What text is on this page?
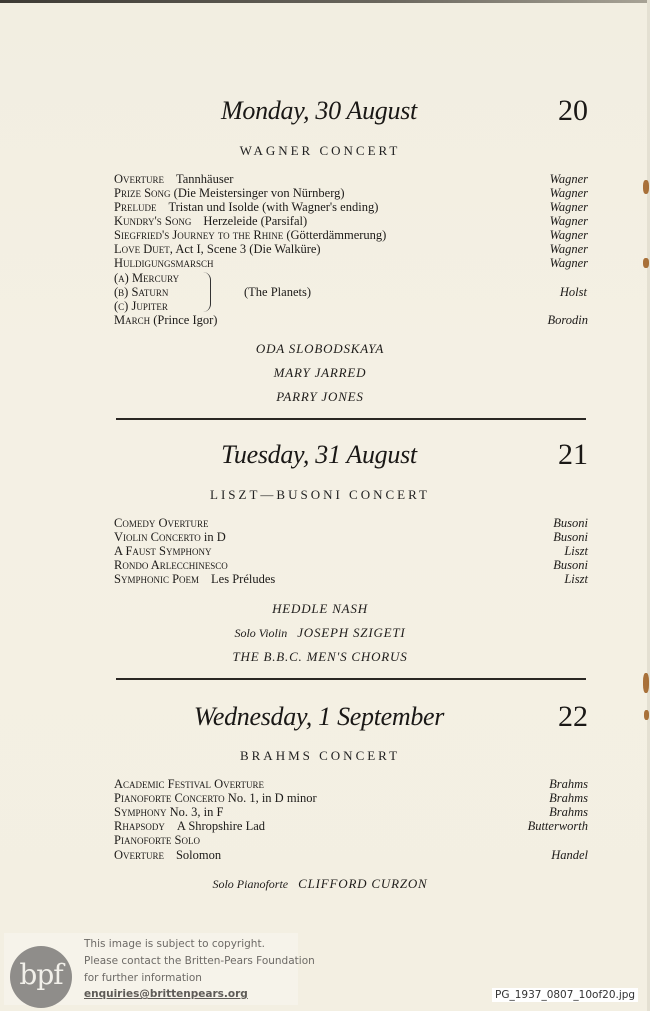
Monday, 30 August	20
WAGNER CONCERT
Overture Tannhäuser	Wagner
Prize Song (Die Meistersinger von Nürnberg)	Wagner
Prelude Tristan und Isolde (with Wagner's ending)	Wagner
Kundry's Song Herzeleide (Parsifal)	Wagner
Siegfried's Journey to the Rhine (Götterdämmerung)	Wagner
Love Duet, Act I, Scene 3 (Die Walküre)	Wagner
Huldigungsmarsch	Wagner
(a) Mercury
(b) Saturn
(c) Jupiter
(The Planets)	Holst
March (Prince Igor)	Borodin
ODA SLOBODSKAYA
MARY JARRED
PARRY JONES
Tuesday, 31 August	21
LISZT—BUSONI CONCERT
Comedy Overture	Busoni
Violin Concerto in D	Busoni
A Faust Symphony	Liszt
Rondo Arlecchinesco	Busoni
Symphonic Poem Les Préludes	Liszt
HEDDLE NASH
Solo Violin JOSEPH SZIGETI
THE B.B.C. MEN'S CHORUS
Wednesday, 1 September	22
BRAHMS CONCERT
Academic Festival Overture	Brahms
Pianoforte Concerto No. 1, in D minor	Brahms
Symphony No. 3, in F	Brahms
Rhapsody A Shropshire Lad	Butterworth
Pianoforte Solo
Overture Solomon	Handel
Solo Pianoforte CLIFFORD CURZON
bpf
This image is subject to copyright.
Please contact the Britten-Pears Foundation
for further information
enquiries@brittenpears.org	PG_1937_0807_10of20.jpg
